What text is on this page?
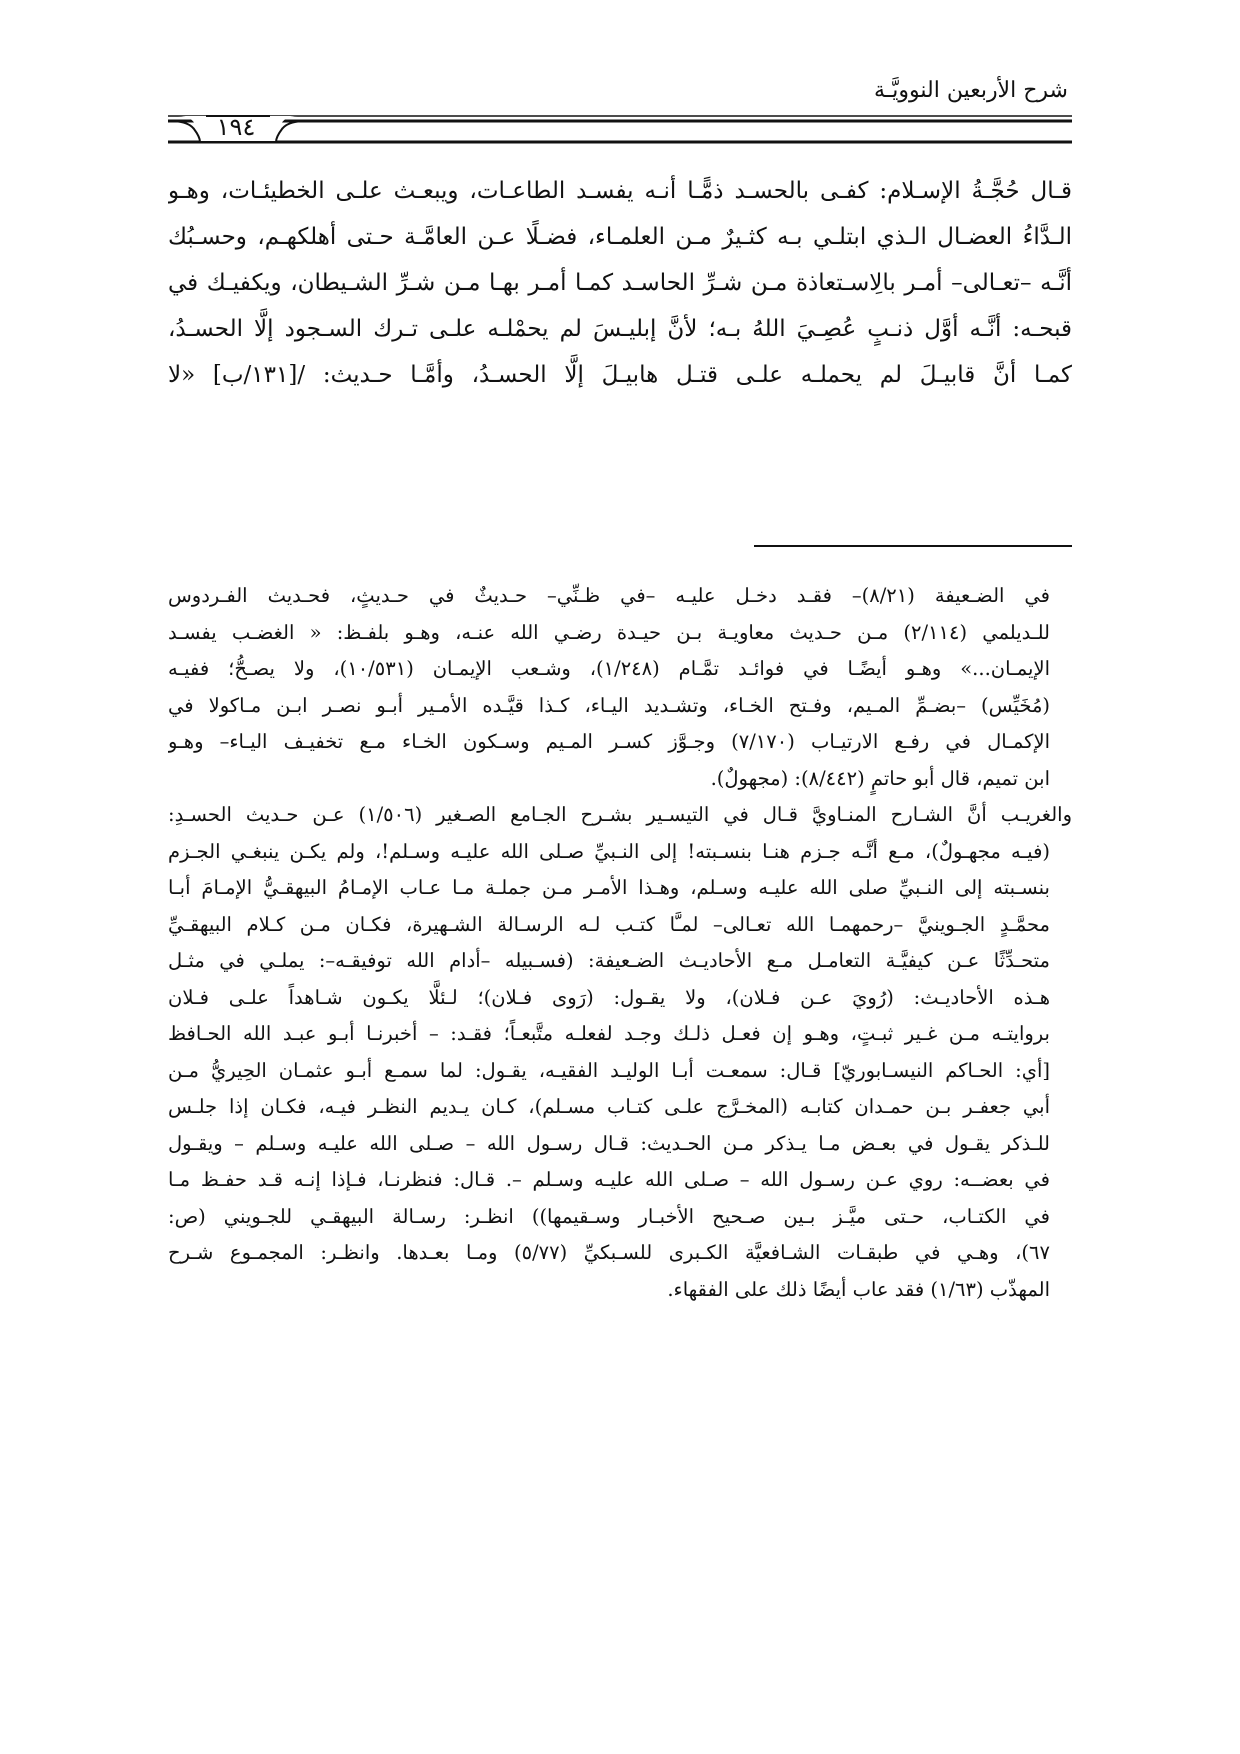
شرح الأربعين النوويَّـة
١٩٤
قـال حُجَّـةُ الإسـلام: كفـى بالحسـد ذمًّـا أنـه يفسـد الطاعـات، ويبعـث علـى الخطيئـات، وهـو
الـدَّاءُ العضـال الـذي ابتلـي بـه كثـيرٌ مـن العلمـاء، فضـلًا عـن العامَّـة حـتى أهلكهـم، وحسـبُك
أنَّـه –تعـالى– أمـر بالِاسـتعاذة مـن شـرِّ الحاسـد كمـا أمـر بهـا مـن شـرِّ الشـيطان، ويكفيـك في
قبحـه: أنَّـه أوَّل ذنـبٍ عُصِـيَ اللهُ بـه؛ لأنَّ إبليـسَ لم يحمْلـه علـى تـرك السـجود إلَّا الحسـدُ،
كمـا أنَّ قابيـلَ لم يحملـه علـى قتـل هابيـلَ إلَّا الحسـدُ، وأمَّـا حـديث: /[١٣١/ب] «لا
في الضـعيفة (٨/٢١)– فقـد دخـل عليـه –في ظـنِّي– حـديثٌ في حـديثٍ، فحـديث الفـردوس
للـديلمي (٢/١١٤) مـن حـديث معاويـة بـن حيـدة رضـي الله عنـه، وهـو بلفـظ: « الغضـب يفسـد
الإيمـان...» وهـو أيضًـا في فوائـد تمَّـام (١/٢٤٨)، وشـعب الإيمـان (١٠/٥٣١)، ولا يصـحُّ؛ ففيـه
(مُخَيِّس) –بضـمِّ المـيم، وفـتح الخـاء، وتشـديد اليـاء، كـذا قيَّـده الأمـير أبـو نصـر ابـن مـاكولا في
الإكمـال في رفـع الارتيـاب (٧/١٧٠) وجـوَّز كسـر المـيم وسـكون الخـاء مـع تخفيـف اليـاء– وهـو
ابن تميم، قال أبو حاتمٍ (٨/٤٤٢): (مجهولٌ).
والغريـب أنَّ الشـارح المنـاويَّ قـال في التيسـير بشـرح الجـامع الصـغير (١/٥٠٦) عـن حـديث الحسـدِ:
(فيـه مجهـولٌ)، مـع أنَّـه جـزم هنـا بنسـبته! إلى النـبيِّ صـلى الله عليـه وسـلم!، ولم يكـن ينبغـي الجـزم
بنسـبته إلى النـبيِّ صلى الله عليـه وسـلم، وهـذا الأمـر مـن جملـة مـا عـاب الإمـامُ البيهقـيُّ الإمـامَ أبـا
محمَّـدٍ الجـوينيَّ –رحمهمـا الله تعـالى– لمـَّا كتـب لـه الرسـالة الشـهيرة، فكـان مـن كـلام البيهقـيِّ
متحـدِّثًا عـن كيفيَّـة التعامـل مـع الأحاديـث الضـعيفة: (فسـبيله –أدام الله توفيقـه–: يملـي في مثـل
هـذه الأحاديـث: (رُويَ عـن فـلان)، ولا يقـول: (رَوى فـلان)؛ لـئلَّا يكـون شـاهداً علـى فـلان
بروايتـه مـن غـير ثبـتٍ، وهـو إن فعـل ذلـك وجـد لفعلـه متَّبعـاً؛ فقـد: – أخبرنـا أبـو عبـد الله الحـافظ
[أي: الحـاكم النيسـابوريّ] قـال: سمعـت أبـا الوليـد الفقيـه، يقـول: لما سمـع أبـو عثمـان الحِيريُّ مـن
أبي جعفـر بـن حمـدان كتابـه (المخـرَّج علـى كتـاب مسـلم)، كـان يـديم النظـر فيـه، فكـان إذا جلـس
للـذكر يقـول في بعـض مـا يـذكر مـن الحـديث: قـال رسـول الله – صـلى الله عليـه وسـلم – ويقـول
في بعضــه: روي عـن رسـول الله – صـلى الله عليـه وسـلم –. قـال: فنظرنـا، فـإذا إنـه قـد حفـظ مـا
في الكتـاب، حـتى ميَّـز بـين صـحيح الأخبـار وسـقيمها)) انظـر: رسـالة البيهقـي للجـويني (ص:
٦٧)، وهـي في طبقـات الشـافعيَّة الكـبرى للسـبكيِّ (٥/٧٧) ومـا بعـدها. وانظـر: المجمـوع شـرح
المهذّب (١/٦٣) فقد عاب أيضًا ذلك على الفقهاء.
